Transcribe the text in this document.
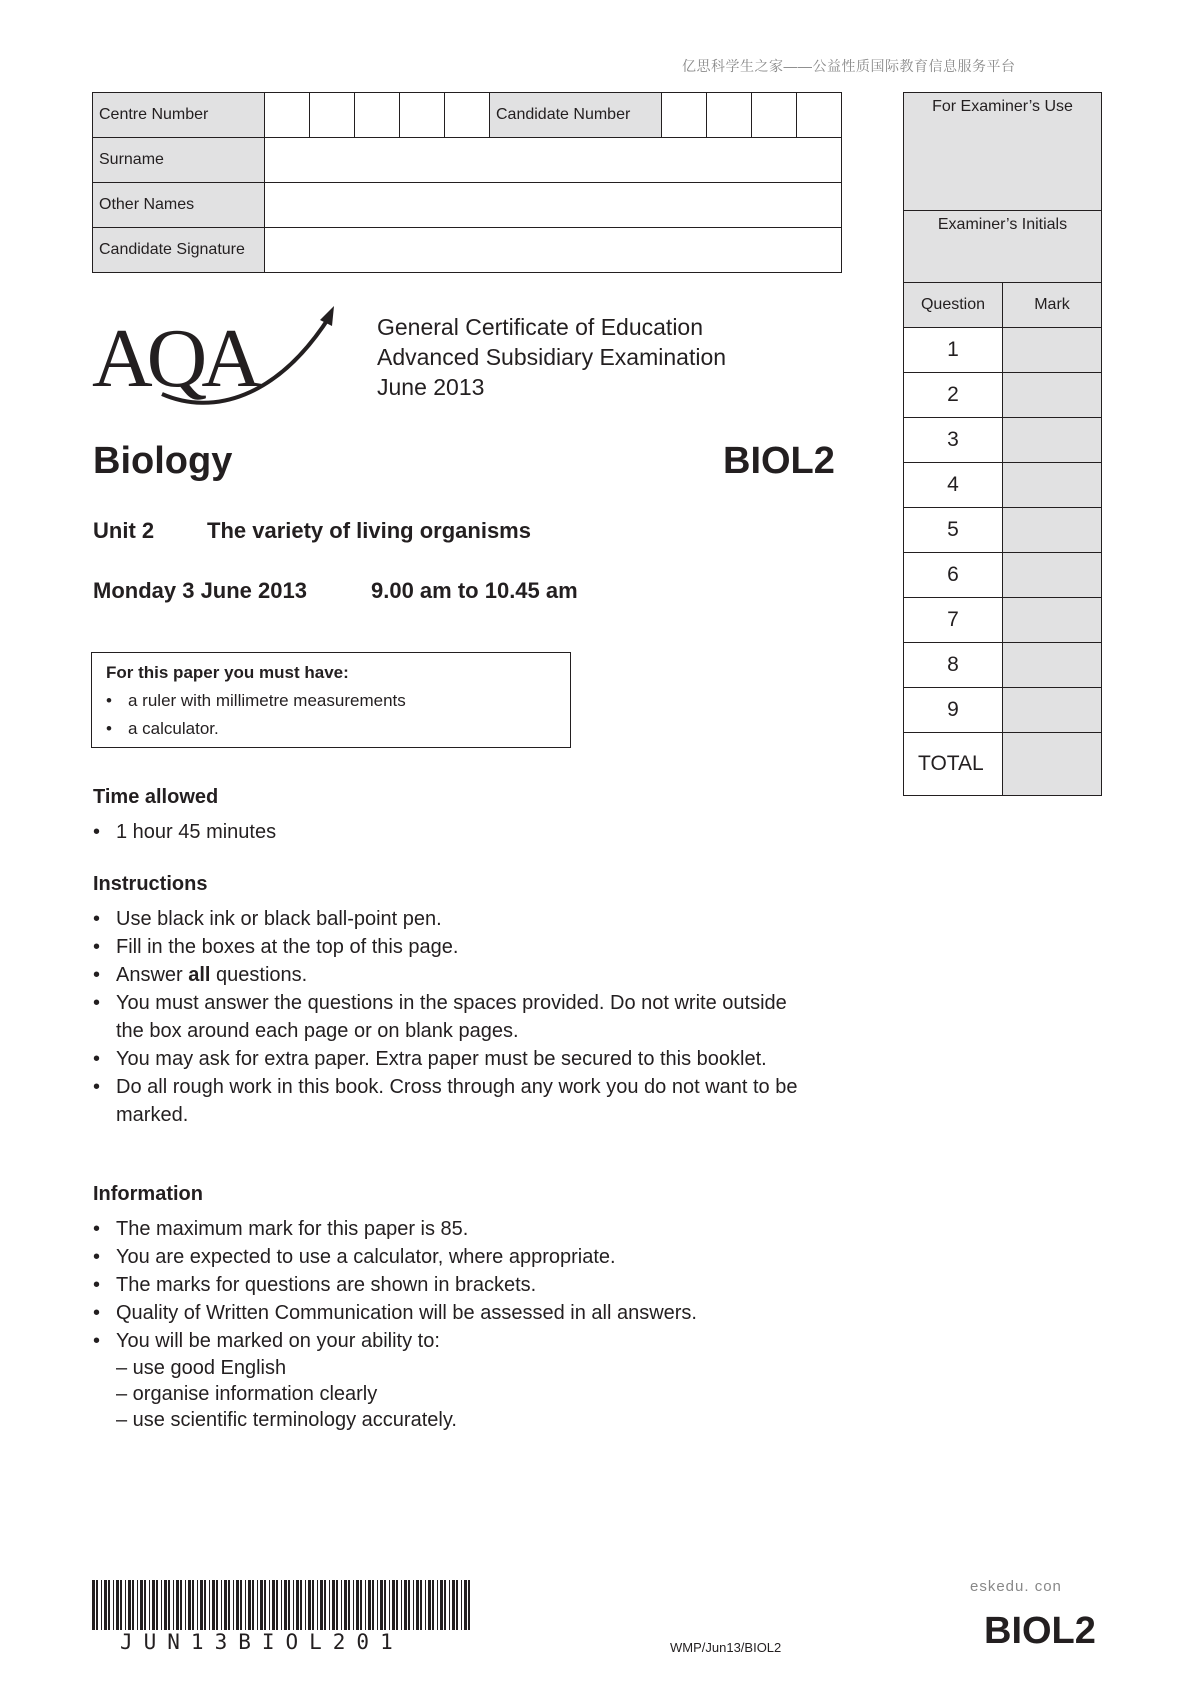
亿思科学生之家——公益性质国际教育信息服务平台
Centre Number						Candidate Number				
Surname										
Other Names										
Candidate Signature										
For Examiner’s Use	
Examiner’s Initials	
Question	Mark
1	
2	
3	
4	
5	
6	
7	
8	
9	
TOTAL	
AQA	General Certificate of Education
Advanced Subsidiary Examination
June 2013
Biology	BIOL2
Unit 2 The variety of living organisms
Monday 3 June 2013	9.00 am to 10.45 am
For this paper you must have:
• a ruler with millimetre measurements
• a calculator.
Time allowed
• 1 hour 45 minutes
Instructions
• Use black ink or black ball-point pen.
• Fill in the boxes at the top of this page.
• Answer all questions.
• You must answer the questions in the spaces provided. Do not write outside the box around each page or on blank pages.
• You may ask for extra paper. Extra paper must be secured to this booklet.
• Do all rough work in this book. Cross through any work you do not want to be marked.
Information
• The maximum mark for this paper is 85.
• You are expected to use a calculator, where appropriate.
• The marks for questions are shown in brackets.
• Quality of Written Communication will be assessed in all answers.
• You will be marked on your ability to:
– use good English
– organise information clearly
– use scientific terminology accurately.
JUN13BIOL201	WMP/Jun13/BIOL2
eskedu. con
BIOL2
